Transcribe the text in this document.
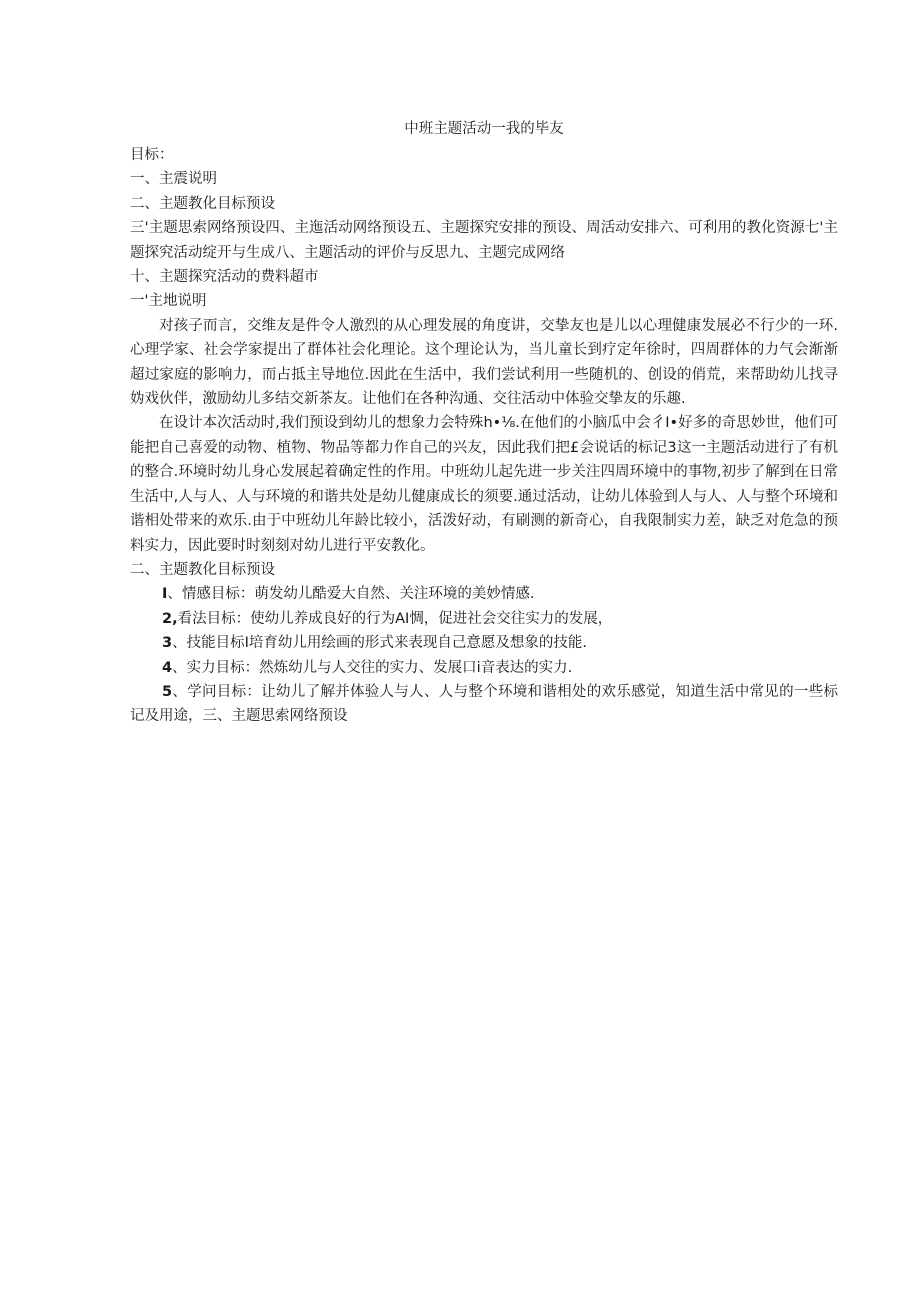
中班主题活动一我的毕友

目标：

一、主震说明

二、主题教化目标预设

三'主题思索网络预设四、主迤活动网络预设五、主题探究安排的预设、周活动安排六、可利用的教化资源七'主题探究活动绽开与生成八、主题活动的评价与反思九、主题完成网络

十、主题探究活动的费料超市

一'主地说明

对孩子而言，交维友是件令人激烈的从心理发展的角度讲，交挚友也是儿以心理健康发展必不行少的一环.心理学家、社会学家提出了群体社会化理论。这个理论认为，当儿童长到疗定年徐时，四周群体的力气会渐渐超过家庭的影响力，而占抵主导地位.因此在生活中，我们尝试利用一些随机的、创设的俏荒，来帮助幼儿找寻妫戏伙伴，激励幼儿多结交新茶友。让他们在各种沟通、交往活动中体验交挚友的乐趣.

在设计本次活动时,我们预设到幼儿的想象力会特殊h•⅛.在他们的小脑瓜中会彳I•好多的奇思妙世，他们可能把自己喜爱的动物、植物、物品等都力作自己的兴友，因此我们把£会说话的标记3这一主题活动进行了有机的整合.环境时幼儿身心发展起着确定性的作用。中班幼儿起先进一步关注四周环境中的事物,初步了解到在日常生活中,人与人、人与环境的和谐共处是幼儿健康成长的须要.通过活动，让幼儿体验到人与人、人与整个环境和谐相处带来的欢乐.由于中班幼儿年龄比较小，活泼好动，有刷测的新奇心，自我限制实力差，缺乏对危急的预料实力，因此要时时刻刻对幼儿进行平安教化。

二、主题教化目标预设

I、情感目标：萌发幼儿酷爱大自然、关注环境的美妙情感.

2,看法目标：使幼儿养成良好的行为AI惆，促进社会交往实力的发展，

3、技能目标I培育幼儿用绘画的形式来表现自己意愿及想象的技能.

4、实力目标：然炼幼儿与人交往的实力、发展口i音表达的实力.

5、学问目标：让幼儿了解并体验人与人、人与整个环境和谐相处的欢乐感觉，知道生活中常见的一些标记及用途，三、主题思索网络预设
